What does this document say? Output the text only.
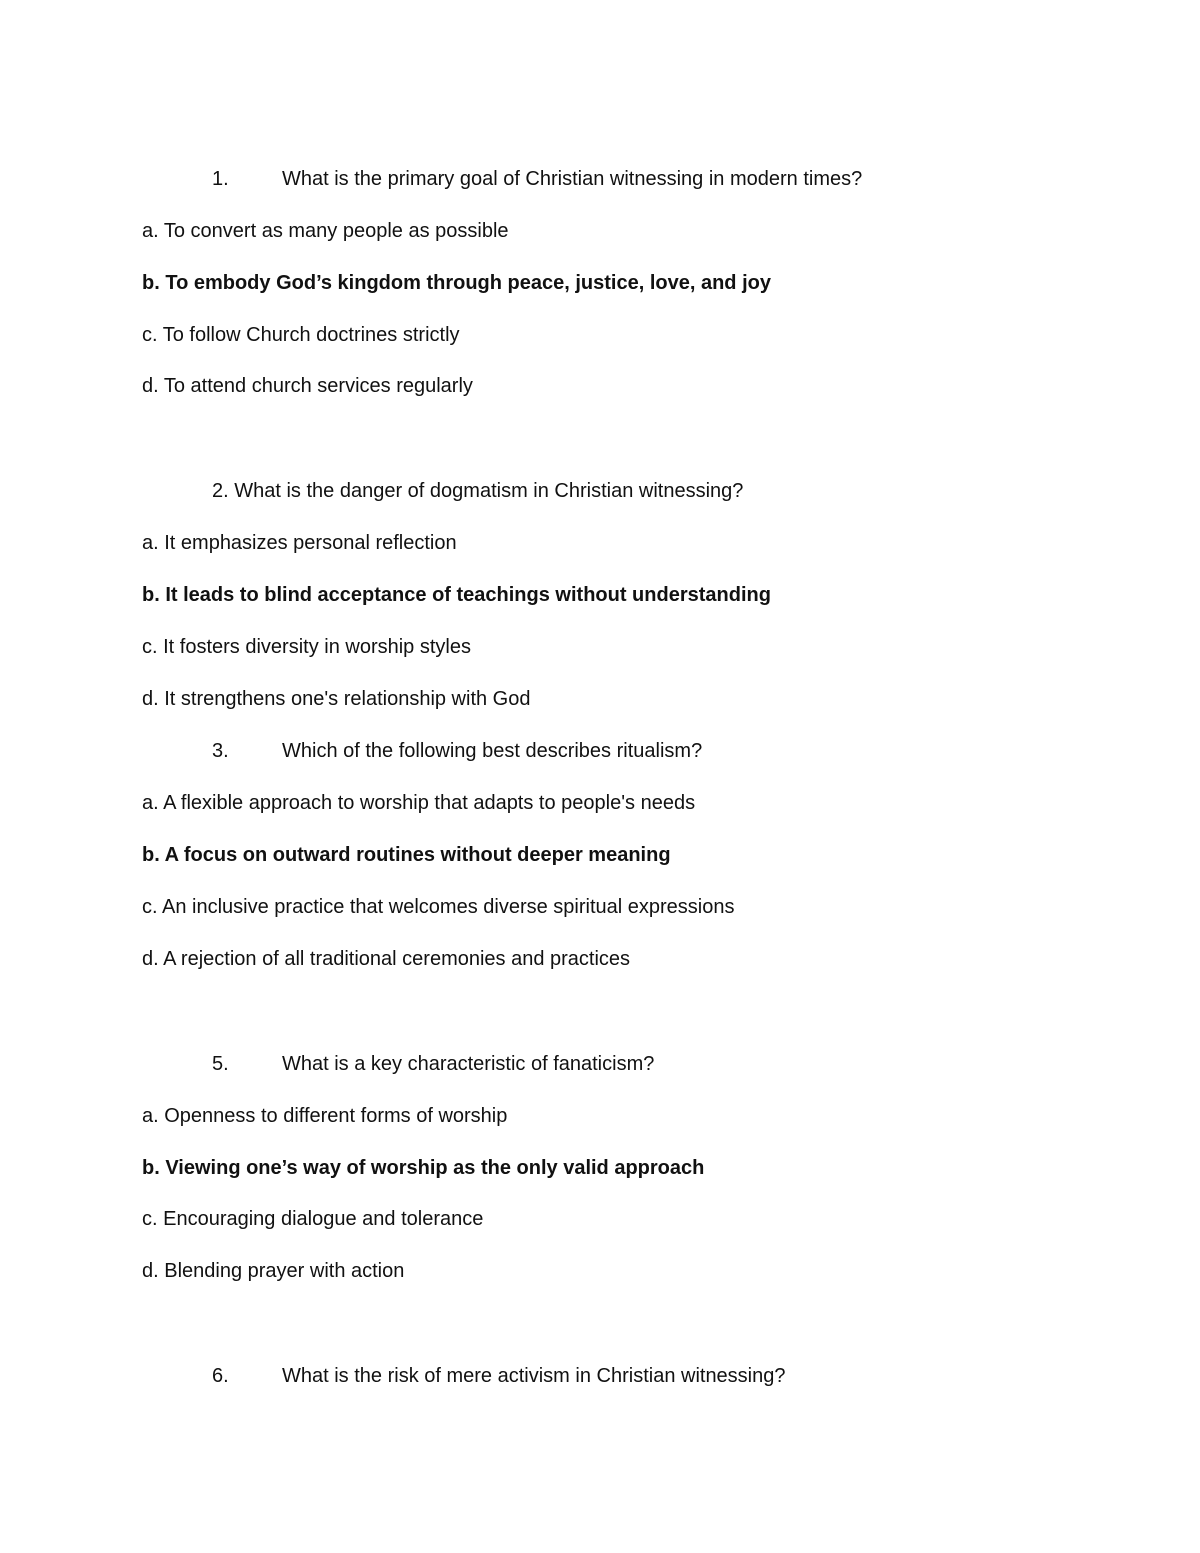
1.	What is the primary goal of Christian witnessing in modern times?
a. To convert as many people as possible
b. To embody God’s kingdom through peace, justice, love, and joy
c. To follow Church doctrines strictly
d. To attend church services regularly
2. What is the danger of dogmatism in Christian witnessing?
a. It emphasizes personal reflection
b. It leads to blind acceptance of teachings without understanding
c. It fosters diversity in worship styles
d. It strengthens one's relationship with God
3.	Which of the following best describes ritualism?
a. A flexible approach to worship that adapts to people's needs
b. A focus on outward routines without deeper meaning
c. An inclusive practice that welcomes diverse spiritual expressions
d. A rejection of all traditional ceremonies and practices
5.	What is a key characteristic of fanaticism?
a. Openness to different forms of worship
b. Viewing one’s way of worship as the only valid approach
c. Encouraging dialogue and tolerance
d. Blending prayer with action
6.	What is the risk of mere activism in Christian witnessing?
